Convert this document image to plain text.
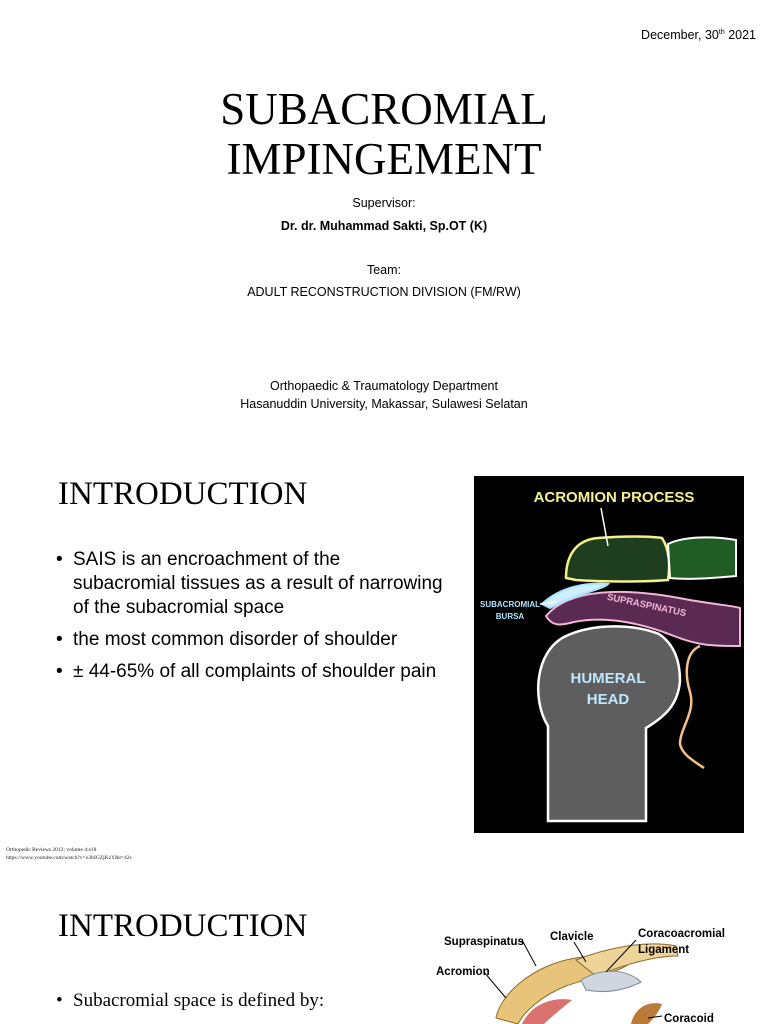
December, 30th 2021
SUBACROMIAL
IMPINGEMENT
Supervisor:
Dr. dr. Muhammad Sakti, Sp.OT (K)
Team:
ADULT RECONSTRUCTION DIVISION (FM/RW)
Orthopaedic & Traumatology Department
Hasanuddin University, Makassar, Sulawesi Selatan
INTRODUCTION
• SAIS is an encroachment of the subacromial tissues as a result of narrowing of the subacromial space
• the most common disorder of shoulder
• ± 44-65% of all complaints of shoulder pain
Orthopedic Reviews 2012; volume 4:e18
https://www.youtube.com/watch?v=o3bIGZjKzY&t=42s
ACROMION PROCESS
SUBACROMIAL
BURSA	SUPRASPINATUS
HUMERAL
HEAD
INTRODUCTION
• Subacromial space is defined by:
Supraspinatus Clavicle	Coracoacromial
Ligament
Acromion
Coracoid
